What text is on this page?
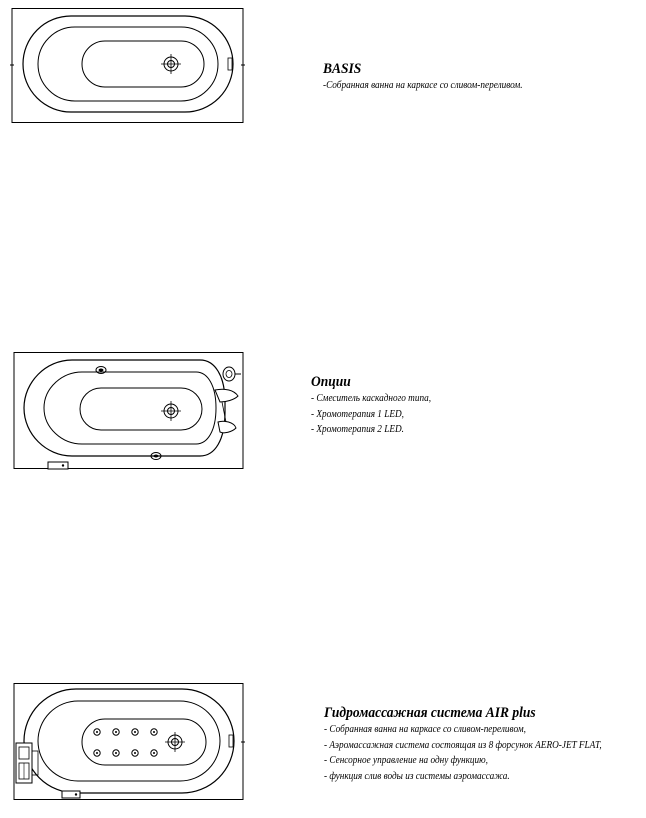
BASIS
-Собранная ванна на каркасе со сливом-переливом.
Опции
- Смеситель каскадного типа,
- Хромотерапия 1 LED,
- Хромотерапия 2 LED.
Гидромассажная система AIR plus
- Собранная ванна на каркасе со сливом-переливом,
- Аэромассажная система состоящая из 8 форсунок AERO-JET FLAT,
- Сенсорное управление на одну функцию,
- функция слив воды из системы аэромассажа.
